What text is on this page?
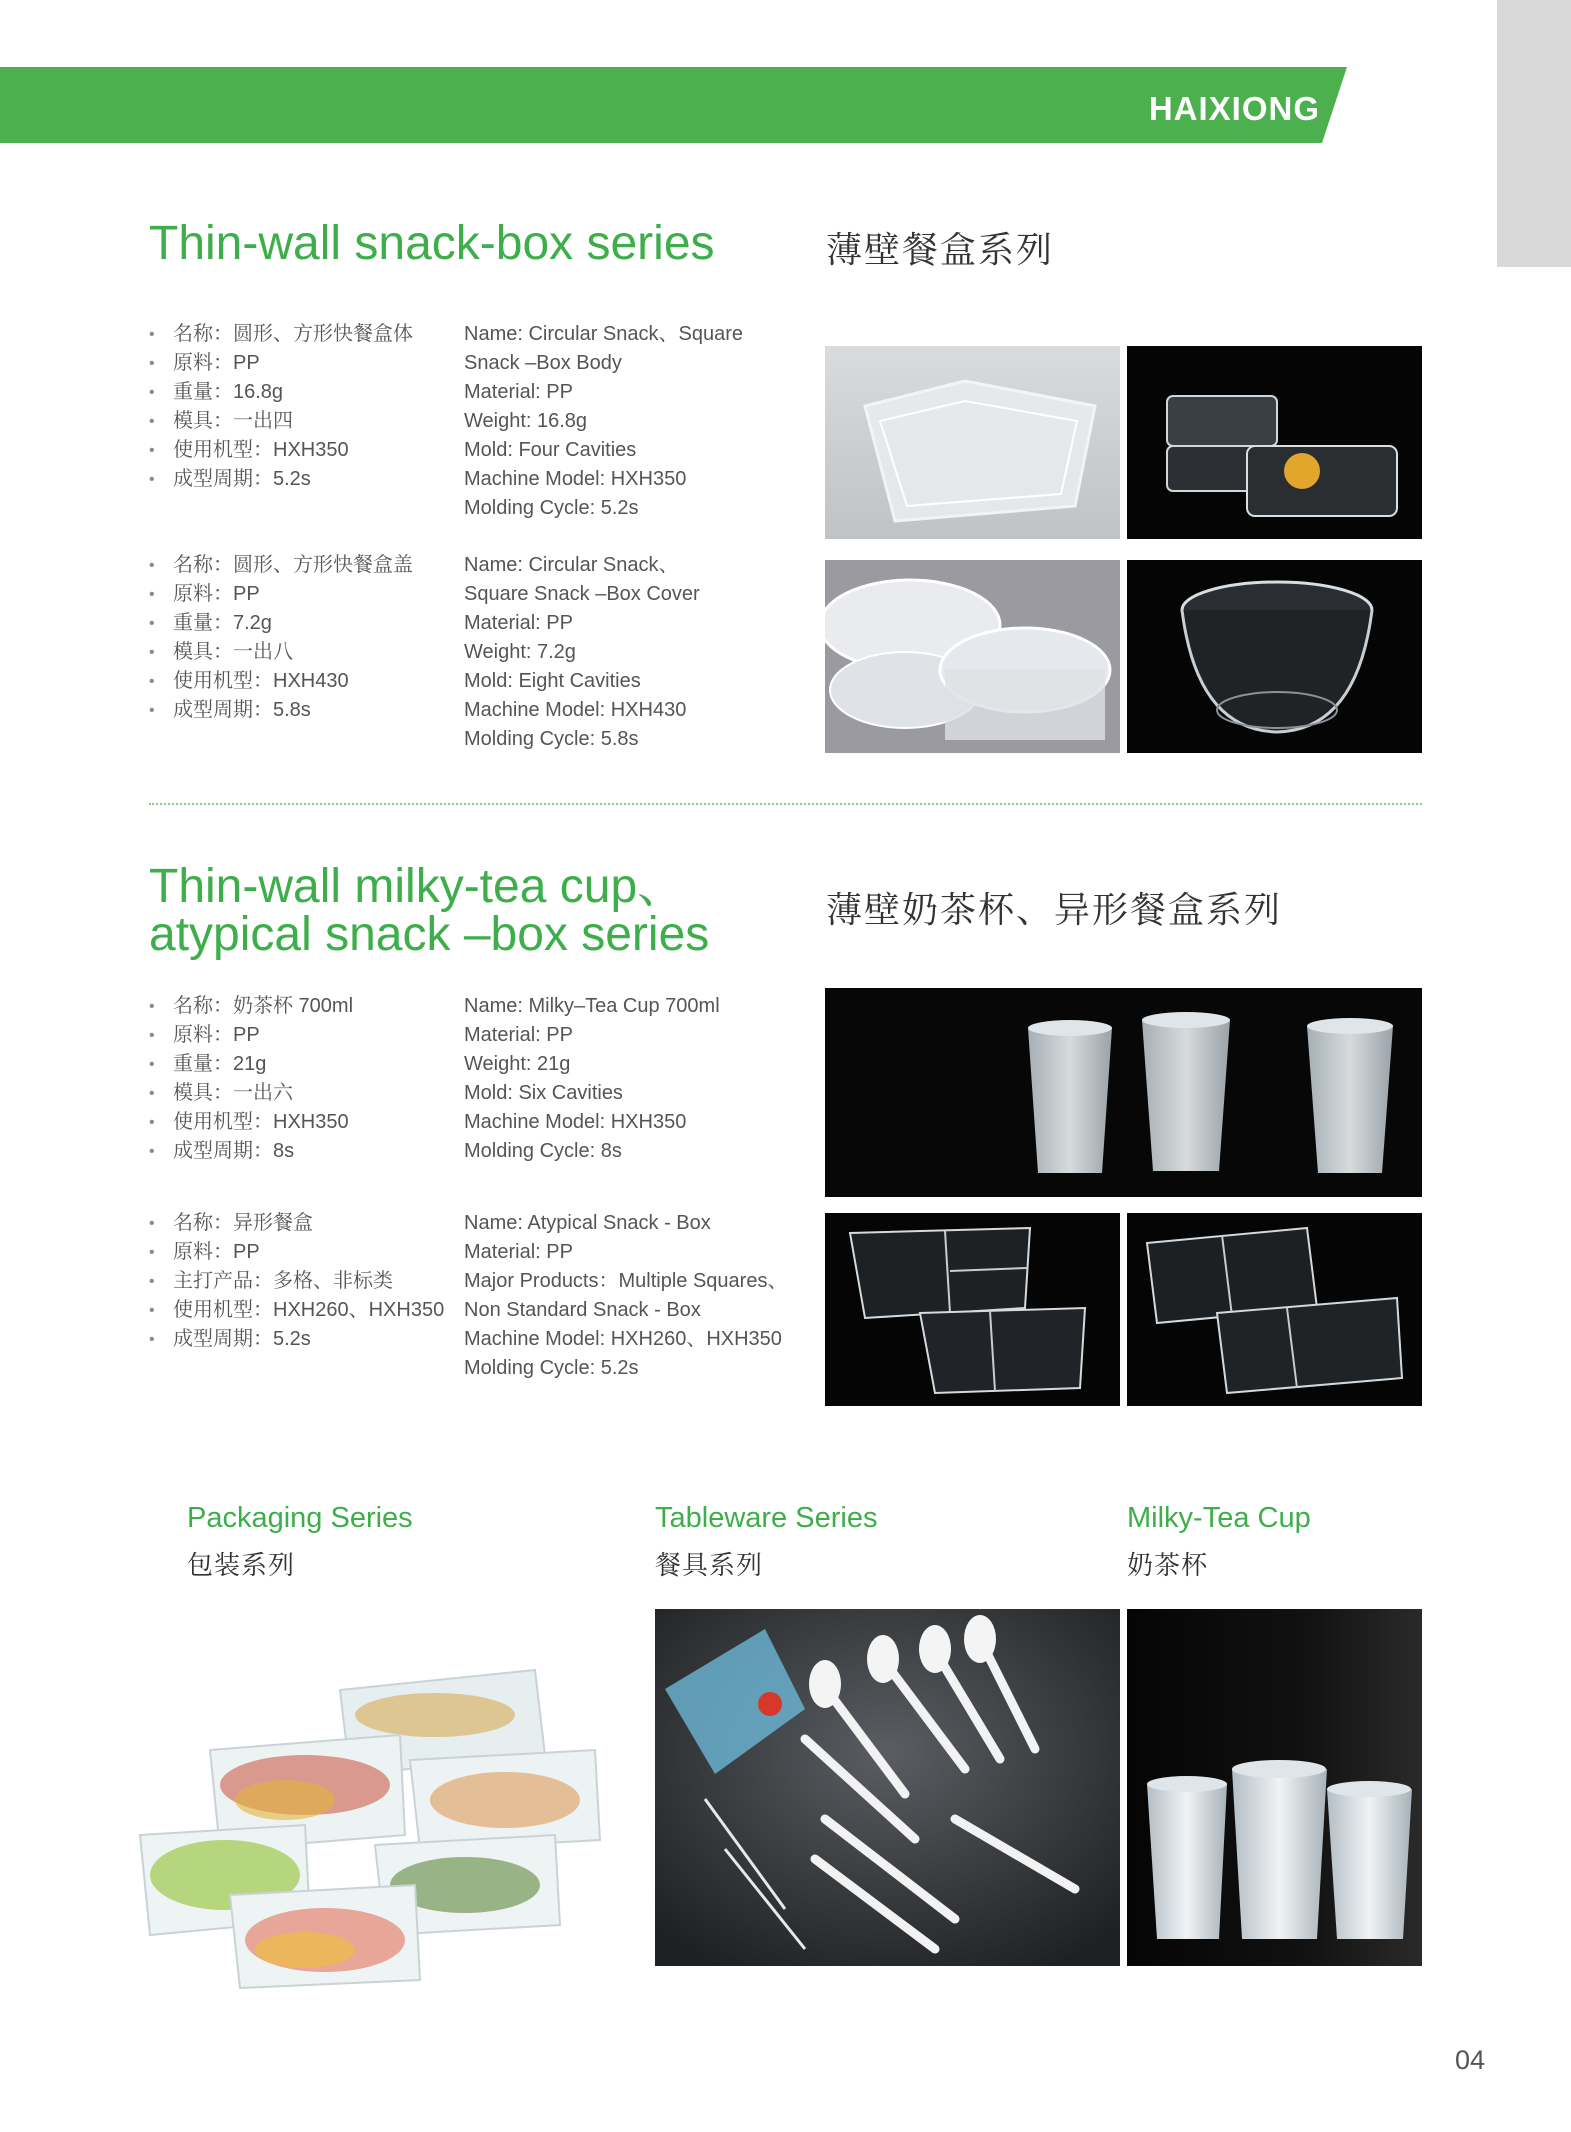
HAIXIONG
Thin-wall snack-box series	薄壁餐盒系列
• 名称：圆形、方形快餐盒体
• 原料：PP
• 重量：16.8g
• 模具：一出四
• 使用机型：HXH350
• 成型周期：5.2s
Name: Circular Snack、Square
Snack –Box Body
Material: PP
Weight: 16.8g
Mold: Four Cavities
Machine Model: HXH350
Molding Cycle: 5.2s
• 名称：圆形、方形快餐盒盖
• 原料：PP
• 重量：7.2g
• 模具：一出八
• 使用机型：HXH430
• 成型周期：5.8s
Name: Circular Snack、
Square Snack –Box Cover
Material: PP
Weight: 7.2g
Mold: Eight Cavities
Machine Model: HXH430
Molding Cycle: 5.8s
Thin-wall milky-tea cup、
atypical snack –box series	薄壁奶茶杯、异形餐盒系列
• 名称：奶茶杯 700ml
• 原料：PP
• 重量：21g
• 模具：一出六
• 使用机型：HXH350
• 成型周期：8s
Name: Milky–Tea Cup 700ml
Material: PP
Weight: 21g
Mold: Six Cavities
Machine Model: HXH350
Molding Cycle: 8s
• 名称：异形餐盒
• 原料：PP
• 主打产品：多格、非标类
• 使用机型：HXH260、HXH350
• 成型周期：5.2s
Name: Atypical Snack - Box
Material: PP
Major Products：Multiple Squares、
Non Standard Snack - Box
Machine Model: HXH260、HXH350
Molding Cycle: 5.2s
Packaging Series
包装系列
Tableware Series
餐具系列
Milky-Tea Cup
奶茶杯
04
